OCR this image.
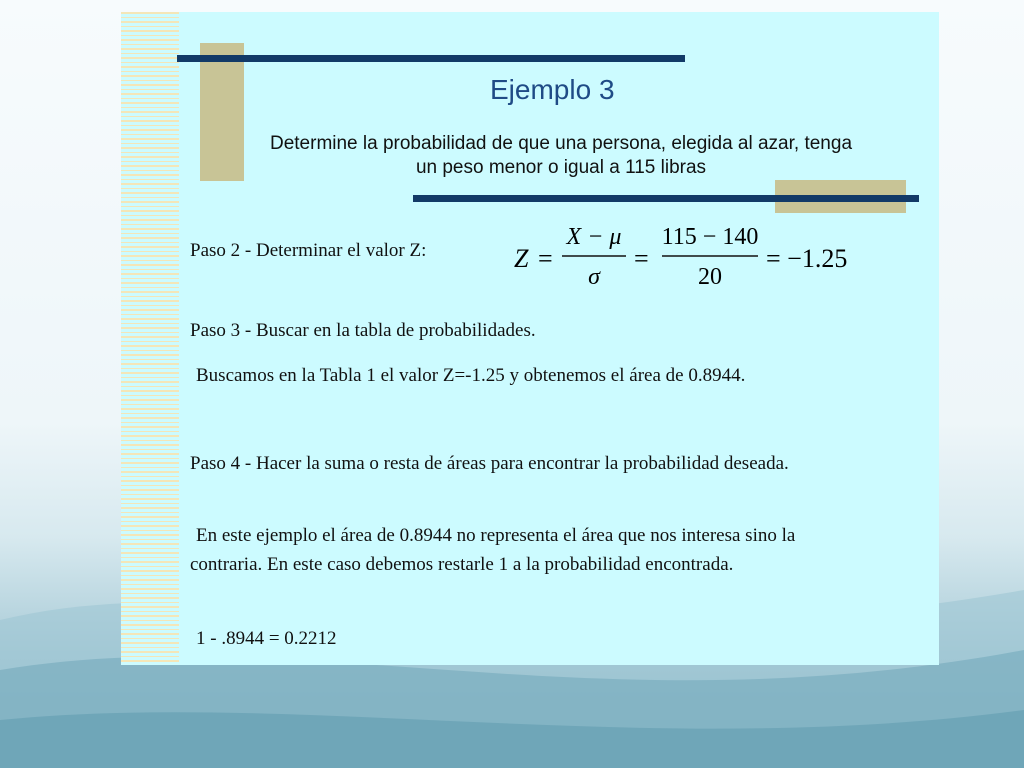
Ejemplo 3
Determine la probabilidad de que una persona, elegida al azar, tenga un peso menor o igual a 115 libras
Paso 2 - Determinar el valor Z:	Z =
X − μ
σ
=
115 − 140
20
= −1.25
Paso 3 - Buscar en la tabla de probabilidades.
Buscamos en la Tabla 1 el valor Z=-1.25 y obtenemos el área de 0.8944.
Paso 4 - Hacer la suma o resta de áreas para encontrar la probabilidad deseada.
En este ejemplo el área de 0.8944 no representa el área que nos interesa sino la contraria. En este caso debemos restarle 1 a la probabilidad encontrada.
1 - .8944 = 0.2212
